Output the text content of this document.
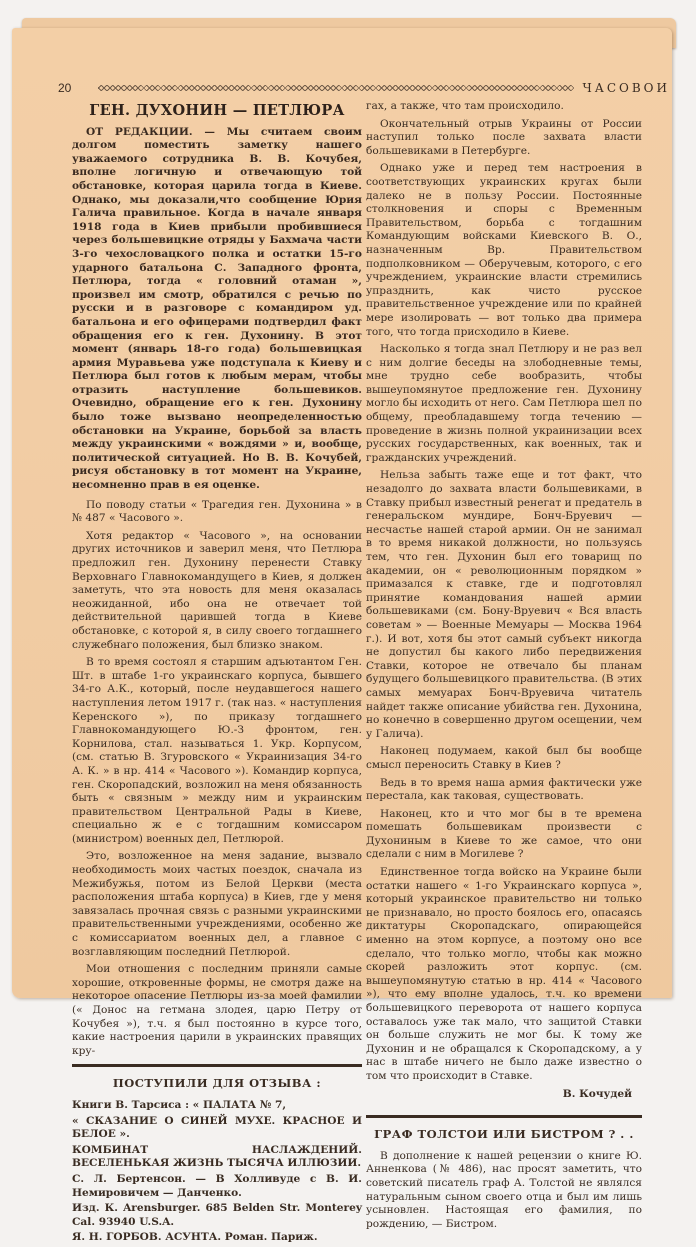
20	ЧАСОВОИ
ГЕН. ДУХОНИН — ПЕТЛЮРА

ОТ РЕДАКЦИИ. — Мы считаем своим долгом поместить заметку нашего уважаемого сотрудника В. В. Кочубея, вполне логичную и отвечающую той обстановке, которая царила тогда в Киеве. Однако, мы доказали,что сообщение Юрия Галича правильное. Когда в начале января 1918 года в Киев прибыли пробившиеся через большевицкие отряды у Бахмача части 3-го чехословацкого полка и остатки 15-го ударного батальона С. Западного фронта, Петлюра, тогда « головний отаман », произвел им смотр, обратился с речью по русски и в разговоре с командиром уд. батальона и его офицерами подтвердил факт обращения его к ген. Духонину. В этот момент (январь 18-го года) большевицкая армия Муравьева уже подступала к Киеву и Петлюра был готов к любым мерам, чтобы отразить наступление большевиков. Очевидно, обращение его к ген. Духонину было тоже вызвано неопределенностью обстановки на Украине, борьбой за власть между украинскими « вождями » и, вообще, политической ситуацией. Но В. В. Кочубей, рисуя обстановку в тот момент на Украине, несомненно прав в ея оценке.

По поводу статьи « Трагедия ген. Духонина » в № 487 « Часового ».

Хотя редактор « Часового », на основании других источников и заверил меня, что Петлюра предложил ген. Духонину перенести Ставку Верховнаго Главнокомандущего в Киев, я должен заметуть, что эта новость для меня оказалась неожиданной, ибо она не отвечает той действительной царившей тогда в Киеве обстановке, с которой я, в силу своего тогдашнего служебнаго положения, был близко знаком.

В то время состоял я старшим адъютантом Ген. Шт. в штабе 1-го украинскаго корпуса, бывшего 34-го А.К., который, после неудавшегося нашего наступления летом 1917 г. (так наз. « наступления Керенского »), по приказу тогдашнего Главнокомандующего Ю.-З фронтом, ген. Корнилова, стал. называться 1. Укр. Корпусом, (см. статью В. Згуровского « Украинизация 34-го А. К. » в нр. 414 « Часового »). Командир корпуса, ген. Скоропадский, возложил на меня обязанность быть « связным » между ним и украинским правительством Центральной Рады в Киеве, специально ж е с тогдашним комиссаром (министром) военных дел, Петлюрой.

Это, возложенное на меня задание, вызвало необходимость моих частых поездок, сначала из Межибужья, потом из Белой Церкви (места расположения штаба корпуса) в Киев, где у меня завязалась прочная связь с разными украинскими правительственными учреждениями, особенно же с комиссариатом военных дел, а главное с возглавляющим последний Петлюрой.

Мои отношения с последним приняли самые хорошие, откровенные формы, не смотря даже на некоторое опасение Петлюры из-за моей фамилии (« Донос на гетмана злодея, царю Петру от Кочубея »), т.ч. я был постоянно в курсе того, какие настроения царили в украинских правящих кру-

ПОСТУПИЛИ ДЛЯ ОТЗЫВА :

Книги В. Тарсиса : « ПАЛАТА № 7,

« СКАЗАНИЕ О СИНЕЙ МУХЕ. КРАСНОЕ И БЕЛОЕ ».

КОМБИНАТ НАСЛАЖДЕНИЙ. ВЕСЕЛЕНЬКАЯ ЖИЗНЬ ТЫСЯЧА ИЛЛЮЗИИ.

С. Л. Бертенсон. — В Холливуде с В. И. Немировичем — Данченко.

Изд. К. Arensburger. 685 Belden Str. Monterey Cal. 93940 U.S.A.

Я. Н. ГОРБОВ. АСУНТА. Роман. Париж.

гах, а также, что там происходило.

Окончательный отрыв Украины от России наступил только после захвата власти большевиками в Петербурге.

Однако уже и перед тем настроения в соответствующих украинских кругах были далеко не в пользу России. Постоянные столкновения и споры с Временным Правительством, борьба с тогдашним Командующим войсками Киевского В. О., назначенным Вр. Правительством подполковником — Оберучевым, которого, с его учреждением, украинские власти стремились упразднить, как чисто русское правительственное учреждение или по крайней мере изолировать — вот только два примера того, что тогда присходило в Киеве.

Насколько я тогда знал Петлюру и не раз вел с ним долгие беседы на злободневные темы, мне трудно себе вообразить, чтобы вышеупомянутое предложение ген. Духонину могло бы исходить от него. Сам Петлюра шел по общему, преобладавшему тогда течению — проведение в жизнь полной украинизации всех русских государственных, как военных, так и гражданских учреждений.

Нельза забыть таже еще и тот факт, что незадолго до захвата власти большевиками, в Ставку прибыл известный ренегат и предатель в генеральском мундире, Бонч-Бруевич — несчастье нашей старой армии. Он не занимал в то время никакой должности, но пользуясь тем, что ген. Духонин был его товарищ по академии, он « революционным порядком » примазался к ставке, где и подготовлял принятие командования нашей армии большевиками (см. Бону-Вруевич « Вся власть советам » — Военные Мемуары — Москва 1964 г.). И вот, хотя бы этот самый субъект никогда не допустил бы какого либо передвижения Ставки, которое не отвечало бы планам будущего большевицкого правительства. (В этих самых мемуарах Бонч-Вруевича читатель найдет также описание убийства ген. Духонина, но конечно в совершенно другом осещении, чем у Галича).

Наконец подумаем, какой был бы вообще смысл переносить Ставку в Киев ?

Ведь в то время наша армия фактически уже перестала, как таковая, существовать.

Наконец, кто и что мог бы в те времена помешать большевикам произвести с Духониным в Киеве то же самое, что они сделали с ним в Могилеве ?

Единственное тогда войско на Украине были остатки нашего « 1-го Украинскаго корпуса », который украинское правительство ни только не признавало, но просто боялось его, опасаясь диктатуры Скоропадскаго, опирающейся именно на этом корпусе, а поэтому оно все сделало, что только могло, чтобы как можно скорей разложить этот корпус. (см. вышеупомянутую статью в нр. 414 « Часового »), что ему вполне удалось, т.ч. ко времени большевицкого переворота от нашего корпуса оставалось уже так мало, что защитой Ставки он больше служить не мог бы. К тому же Духонин и не обращался к Скоропадскому, а у нас в штабе ничего не было даже известно о том что происходит в Ставке.

В. Кочудей
ГРАФ ТОЛСТОИ ИЛИ БИСТРОМ ? . .

В дополнение к нашей рецензии о книге Ю. Анненкова (№ 486), нас просят заметить, что советский писатель граф А. Толстой не являлся натуральным сыном своего отца и был им лишь усыновлен. Настоящая его фамилия, по рождению, — Бистром.
